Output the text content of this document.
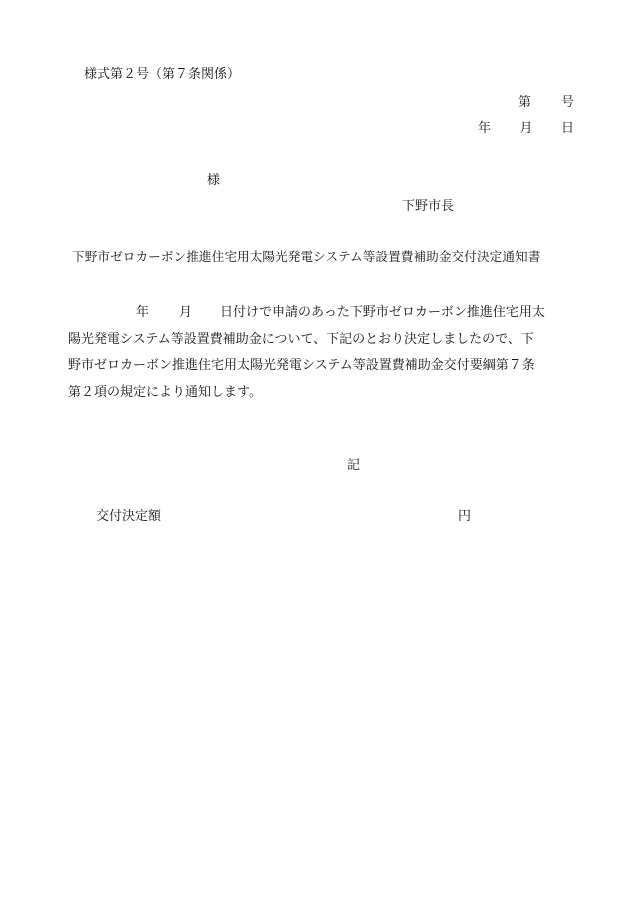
様式第２号（第７条関係）
第 号
年 月 日
様
下野市長
下野市ゼロカーボン推進住宅用太陽光発電システム等設置費補助金交付決定通知書
年 月 日付けで申請のあった下野市ゼロカーボン推進住宅用太
陽光発電システム等設置費補助金について、下記のとおり決定しましたので、下
野市ゼロカーボン推進住宅用太陽光発電システム等設置費補助金交付要綱第７条
第２項の規定により通知します。
記
交付決定額	円
